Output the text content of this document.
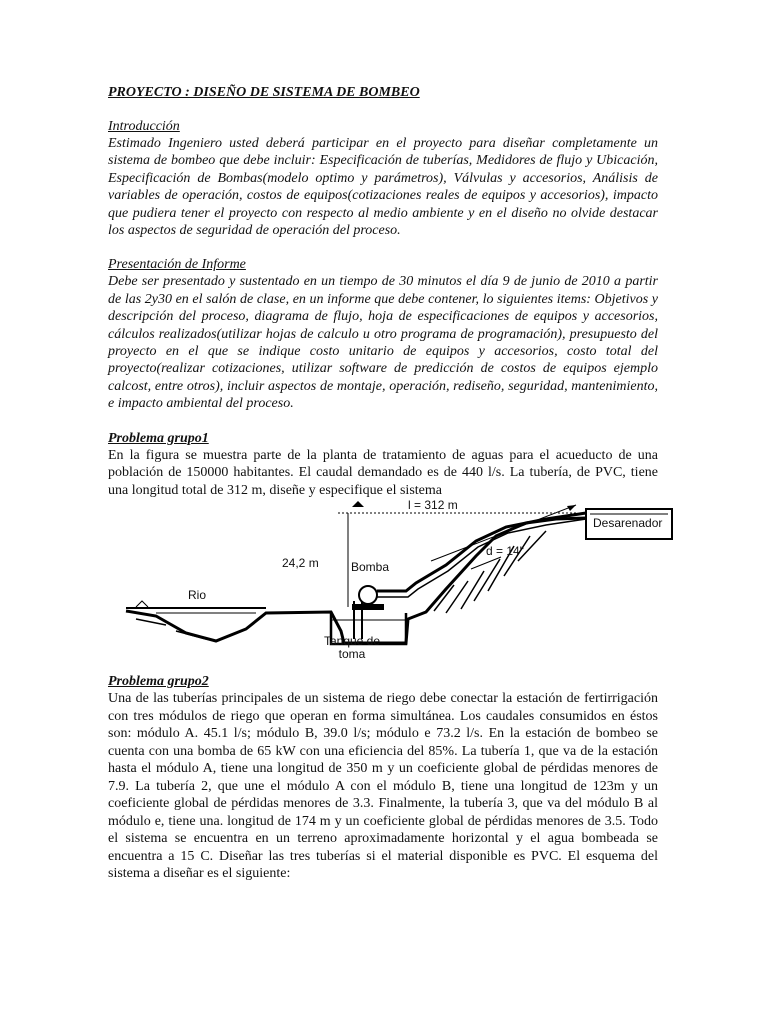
PROYECTO : DISEÑO DE SISTEMA DE BOMBEO

Introducción

Estimado Ingeniero usted deberá participar en el proyecto para diseñar completamente un sistema de bombeo que debe incluir: Especificación de tuberías, Medidores de flujo y Ubicación, Especificación de Bombas(modelo optimo y parámetros), Válvulas y accesorios, Análisis de variables de operación, costos de equipos(cotizaciones reales de equipos y accesorios), impacto que pudiera tener el proyecto con respecto al medio ambiente y en el diseño no olvide destacar los aspectos de seguridad de operación del proceso.

Presentación de Informe

Debe ser presentado y sustentado en un tiempo de 30 minutos el día 9 de junio de 2010 a partir de las 2y30 en el salón de clase, en un informe que debe contener, lo siguientes items: Objetivos y descripción del proceso, diagrama de flujo, hoja de especificaciones de equipos y accesorios, cálculos realizados(utilizar hojas de calculo u otro programa de programación), presupuesto del proyecto en el que se indique costo unitario de equipos y accesorios, costo total del proyecto(realizar cotizaciones, utilizar software de predicción de costos de equipos ejemplo calcost, entre otros), incluir aspectos de montaje, operación, rediseño, seguridad, mantenimiento, e impacto ambiental del proceso.

Problema grupo1

En la figura se muestra parte de la planta de tratamiento de aguas para el acueducto de una población de 150000 habitantes. El caudal demandado es de 440 l/s. La tubería, de PVC, tiene una longitud total de 312 m, diseñe y especifique el sistema

l = 312 m
d = 14"
24,2 m	Bomba
Rio
Tanque de toma
Desarenador

Problema grupo2

Una de las tuberías principales de un sistema de riego debe conectar la estación de fertirrigación con tres módulos de riego que operan en forma simultánea. Los caudales consumidos en éstos son: módulo A. 45.1 l/s; módulo B, 39.0 l/s; módulo e 73.2 l/s. En la estación de bombeo se cuenta con una bomba de 65 kW con una eficiencia del 85%. La tubería 1, que va de la estación hasta el módulo A, tiene una longitud de 350 m y un coeficiente global de pérdidas menores de 7.9. La tubería 2, que une el módulo A con el módulo B, tiene una longitud de 123m y un coeficiente global de pérdidas menores de 3.3. Finalmente, la tubería 3, que va del módulo B al módulo e, tiene una. longitud de 174 m y un coeficiente global de pérdidas menores de 3.5. Todo el sistema se encuentra en un terreno aproximadamente horizontal y el agua bombeada se encuentra a 15 C. Diseñar las tres tuberías si el material disponible es PVC. El esquema del sistema a diseñar es el siguiente:
